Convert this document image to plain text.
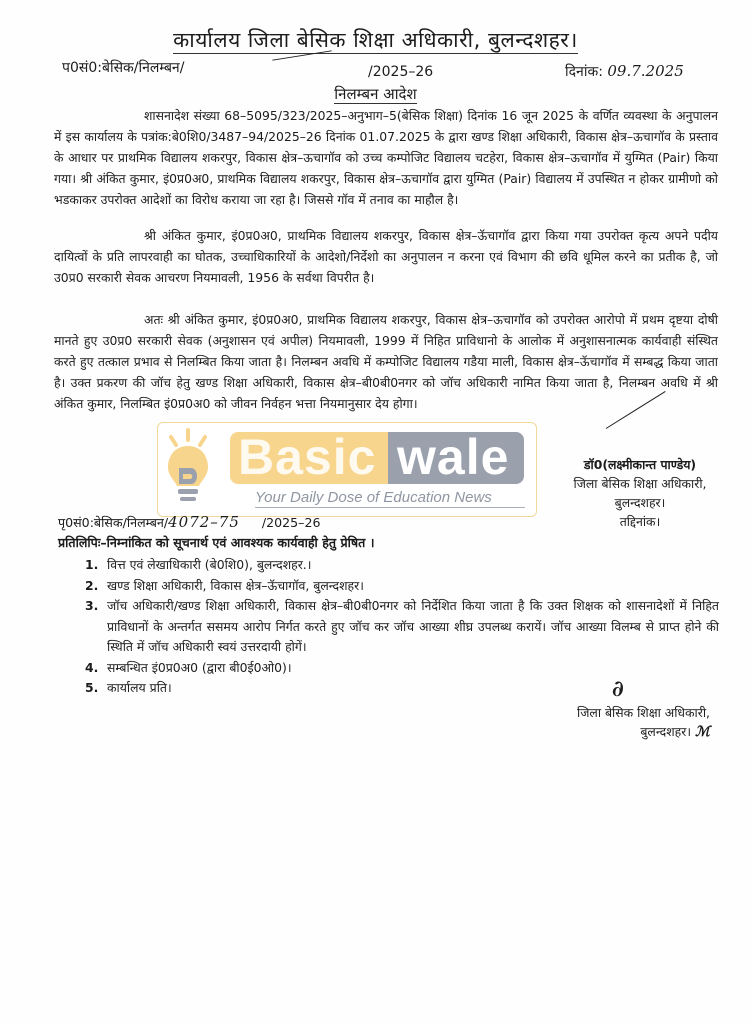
कार्यालय जिला बेसिक शिक्षा अधिकारी, बुलन्दशहर।
प0सं0:बेसिक/निलम्बन/	/2025–26	दिनांक: 09.7.2025
निलम्बन आदेश
शासनादेश संख्या 68–5095/323/2025–अनुभाग–5(बेसिक शिक्षा) दिनांक 16 जून 2025 के वर्णित व्यवस्था के अनुपालन में इस कार्यालय के पत्रांक:बे0शि0/3487–94/2025–26 दिनांक 01.07.2025 के द्वारा खण्ड शिक्षा अधिकारी, विकास क्षेत्र–ऊचागॉव के प्रस्ताव के आधार पर प्राथमिक विद्यालय शकरपुर, विकास क्षेत्र–ऊचागॉव को उच्च कम्पोजिट विद्यालय चटहेरा, विकास क्षेत्र–ऊचागॉव में युग्मित (Pair) किया गया। श्री अंकित कुमार, इं0प्र0अ0, प्राथमिक विद्यालय शकरपुर, विकास क्षेत्र–ऊचागॉव द्वारा युग्मित (Pair) विद्यालय में उपस्थित न होकर ग्रामीणो को भडकाकर उपरोक्त आदेशों का विरोध कराया जा रहा है। जिससे गॉव में तनाव का माहौल है।
श्री अंकित कुमार, इं0प्र0अ0, प्राथमिक विद्यालय शकरपुर, विकास क्षेत्र–ऊॅचागॉव द्वारा किया गया उपरोक्त कृत्य अपने पदीय दायित्वों के प्रति लापरवाही का घोतक, उच्चाधिकारियों के आदेशो/निर्देशो का अनुपालन न करना एवं विभाग की छवि धूमिल करने का प्रतीक है, जो उ0प्र0 सरकारी सेवक आचरण नियमावली, 1956 के सर्वथा विपरीत है।
अतः श्री अंकित कुमार, इं0प्र0अ0, प्राथमिक विद्यालय शकरपुर, विकास क्षेत्र–ऊचागॉव को उपरोक्त आरोपो में प्रथम दृष्टया दोषी मानते हुए उ0प्र0 सरकारी सेवक (अनुशासन एवं अपील) नियमावली, 1999 में निहित प्राविधानो के आलोक में अनुशासनात्मक कार्यवाही संस्थित करते हुए तत्काल प्रभाव से निलम्बित किया जाता है। निलम्बन अवधि में कम्पोजिट विद्यालय गडैया माली, विकास क्षेत्र–ऊॅचागॉव में सम्बद्ध किया जाता है। उक्त प्रकरण की जॉच हेतु खण्ड शिक्षा अधिकारी, विकास क्षेत्र–बी0बी0नगर को जॉच अधिकारी नामित किया जाता है, निलम्बन अवधि में श्री अंकित कुमार, निलम्बित इं0प्र0अ0 को जीवन निर्वहन भत्ता नियमानुसार देय होगा।
Basic wale
Your Daily Dose of Education News
डॉ0(लक्ष्मीकान्त पाण्डेय)
जिला बेसिक शिक्षा अधिकारी,
बुलन्दशहर।
तद्दिनांक।
पृ0सं0:बेसिक/निलम्बन/4072–75 /2025–26
प्रतिलिपिः–निम्नांकित को सूचनार्थ एवं आवश्यक कार्यवाही हेतु प्रेषित ।
1. वित्त एवं लेखाधिकारी (बे0शि0), बुलन्दशहर.।
2. खण्ड शिक्षा अधिकारी, विकास क्षेत्र–ऊॅचागॉव, बुलन्दशहर।
3. जॉच अधिकारी/खण्ड शिक्षा अधिकारी, विकास क्षेत्र–बी0बी0नगर को निर्देशित किया जाता है कि उक्त शिक्षक को शासनादेशों में निहित प्राविधानों के अन्तर्गत ससमय आरोप निर्गत करते हुए जॉच कर जॉच आख्या शीघ्र उपलब्ध करायें। जॉच आख्या विलम्ब से प्राप्त होने की स्थिति में जॉच अधिकारी स्वयं उत्तरदायी होगें।
4. सम्बन्धित इं0प्र0अ0 (द्वारा बी0ई0ओ0)।
5. कार्यालय प्रति।	∂
जिला बेसिक शिक्षा अधिकारी,
बुलन्दशहर। ℳ
